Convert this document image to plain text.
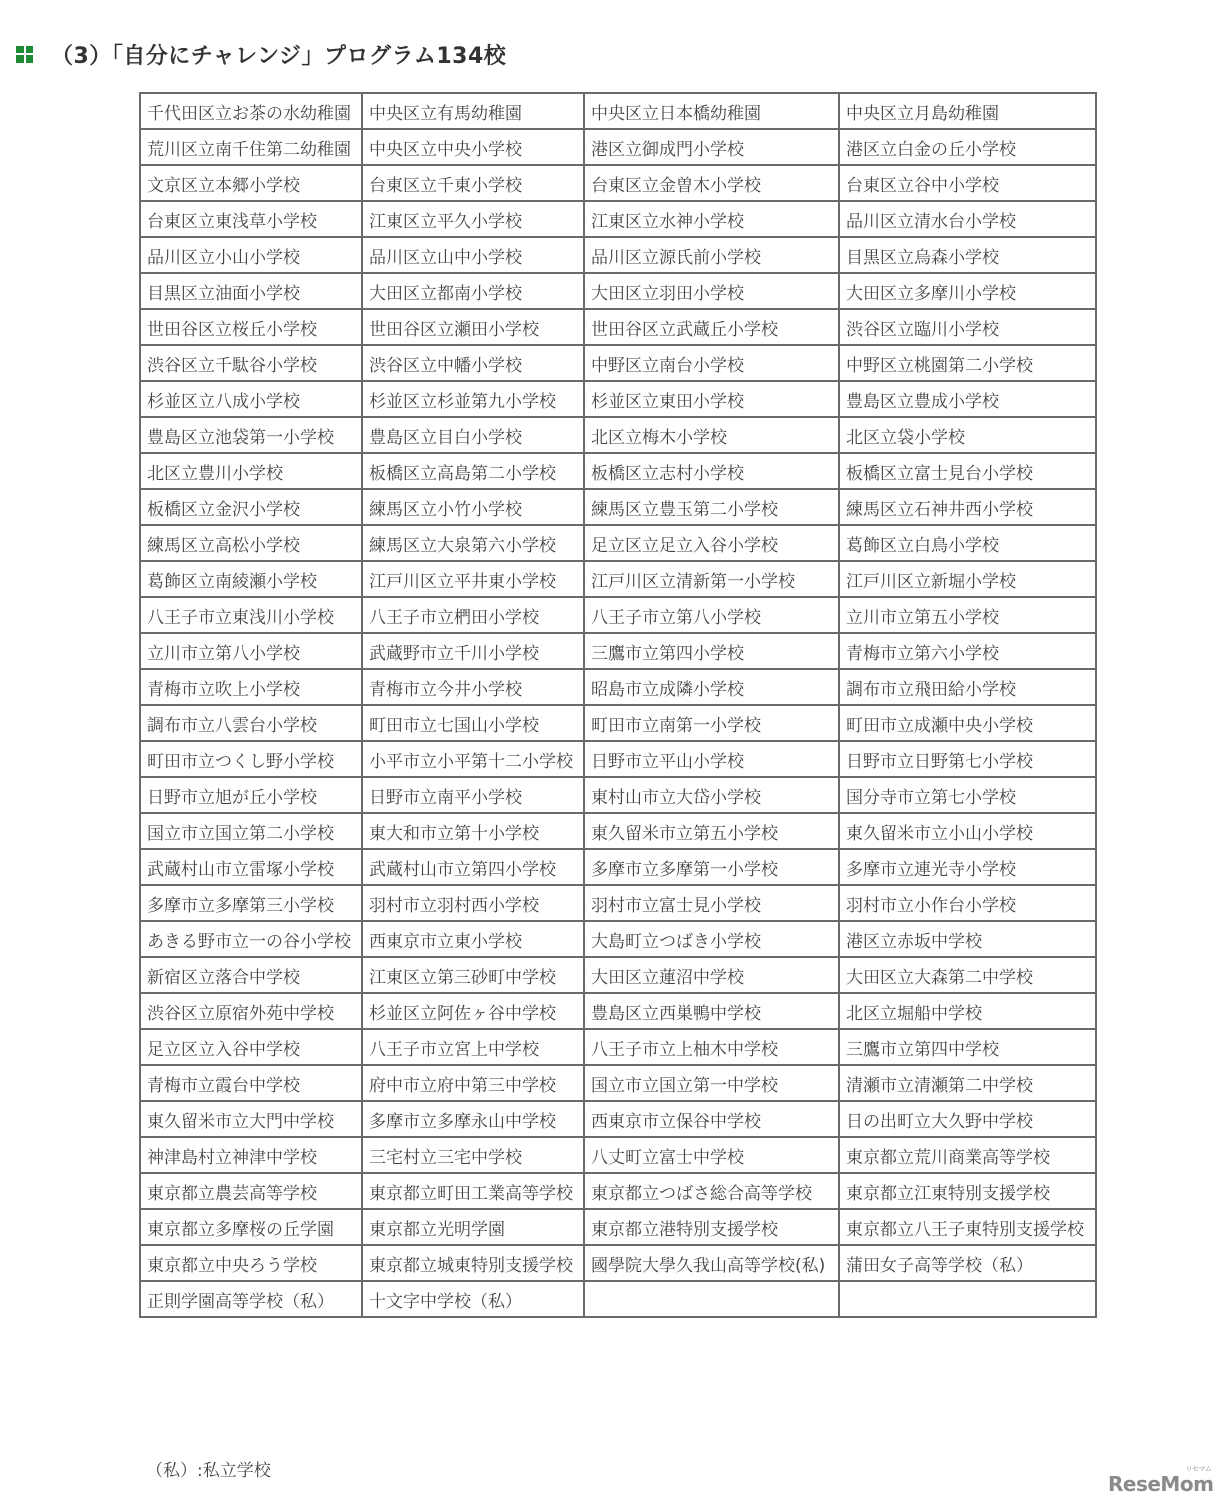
（3）「自分にチャレンジ」プログラム134校
千代田区立お茶の水幼稚園	中央区立有馬幼稚園	中央区立日本橋幼稚園	中央区立月島幼稚園
荒川区立南千住第二幼稚園	中央区立中央小学校	港区立御成門小学校	港区立白金の丘小学校
文京区立本郷小学校	台東区立千東小学校	台東区立金曽木小学校	台東区立谷中小学校
台東区立東浅草小学校	江東区立平久小学校	江東区立水神小学校	品川区立清水台小学校
品川区立小山小学校	品川区立山中小学校	品川区立源氏前小学校	目黒区立烏森小学校
目黒区立油面小学校	大田区立都南小学校	大田区立羽田小学校	大田区立多摩川小学校
世田谷区立桜丘小学校	世田谷区立瀬田小学校	世田谷区立武蔵丘小学校	渋谷区立臨川小学校
渋谷区立千駄谷小学校	渋谷区立中幡小学校	中野区立南台小学校	中野区立桃園第二小学校
杉並区立八成小学校	杉並区立杉並第九小学校	杉並区立東田小学校	豊島区立豊成小学校
豊島区立池袋第一小学校	豊島区立目白小学校	北区立梅木小学校	北区立袋小学校
北区立豊川小学校	板橋区立高島第二小学校	板橋区立志村小学校	板橋区立富士見台小学校
板橋区立金沢小学校	練馬区立小竹小学校	練馬区立豊玉第二小学校	練馬区立石神井西小学校
練馬区立高松小学校	練馬区立大泉第六小学校	足立区立足立入谷小学校	葛飾区立白鳥小学校
葛飾区立南綾瀬小学校	江戸川区立平井東小学校	江戸川区立清新第一小学校	江戸川区立新堀小学校
八王子市立東浅川小学校	八王子市立椚田小学校	八王子市立第八小学校	立川市立第五小学校
立川市立第八小学校	武蔵野市立千川小学校	三鷹市立第四小学校	青梅市立第六小学校
青梅市立吹上小学校	青梅市立今井小学校	昭島市立成隣小学校	調布市立飛田給小学校
調布市立八雲台小学校	町田市立七国山小学校	町田市立南第一小学校	町田市立成瀬中央小学校
町田市立つくし野小学校	小平市立小平第十二小学校	日野市立平山小学校	日野市立日野第七小学校
日野市立旭が丘小学校	日野市立南平小学校	東村山市立大岱小学校	国分寺市立第七小学校
国立市立国立第二小学校	東大和市立第十小学校	東久留米市立第五小学校	東久留米市立小山小学校
武蔵村山市立雷塚小学校	武蔵村山市立第四小学校	多摩市立多摩第一小学校	多摩市立連光寺小学校
多摩市立多摩第三小学校	羽村市立羽村西小学校	羽村市立富士見小学校	羽村市立小作台小学校
あきる野市立一の谷小学校	西東京市立東小学校	大島町立つばき小学校	港区立赤坂中学校
新宿区立落合中学校	江東区立第三砂町中学校	大田区立蓮沼中学校	大田区立大森第二中学校
渋谷区立原宿外苑中学校	杉並区立阿佐ヶ谷中学校	豊島区立西巣鴨中学校	北区立堀船中学校
足立区立入谷中学校	八王子市立宮上中学校	八王子市立上柚木中学校	三鷹市立第四中学校
青梅市立霞台中学校	府中市立府中第三中学校	国立市立国立第一中学校	清瀬市立清瀬第二中学校
東久留米市立大門中学校	多摩市立多摩永山中学校	西東京市立保谷中学校	日の出町立大久野中学校
神津島村立神津中学校	三宅村立三宅中学校	八丈町立富士中学校	東京都立荒川商業高等学校
東京都立農芸高等学校	東京都立町田工業高等学校	東京都立つばさ総合高等学校	東京都立江東特別支援学校
東京都立多摩桜の丘学園	東京都立光明学園	東京都立港特別支援学校	東京都立八王子東特別支援学校
東京都立中央ろう学校	東京都立城東特別支援学校	國學院大學久我山高等学校(私)	蒲田女子高等学校（私）
正則学園高等学校（私）	十文字中学校（私）		
（私）:私立学校
ReseMom
リセマム
